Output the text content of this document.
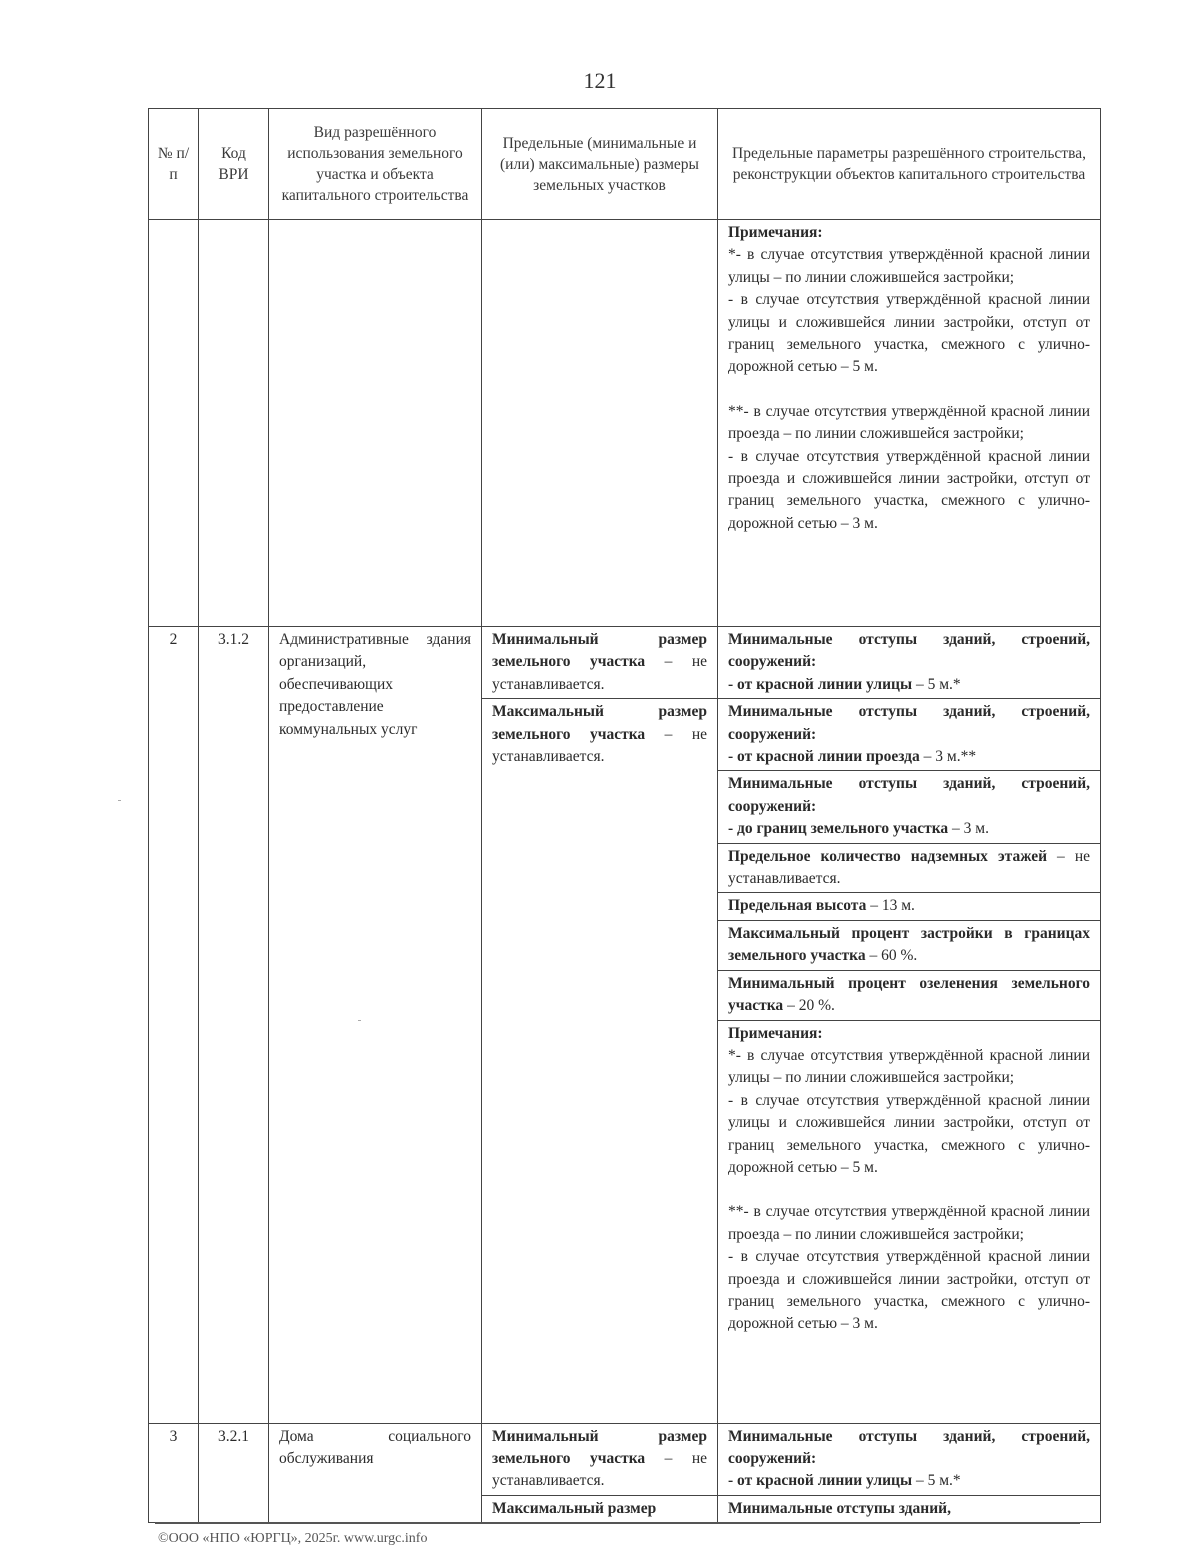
121
№ п/п	Код ВРИ	Вид разрешённого использования земельного участка и объекта капитального строительства	Предельные (минимальные и (или) максимальные) размеры земельных участков	Предельные параметры разрешённого строительства, реконструкции объектов капитального строительства

				Примечания:
*- в случае отсутствия утверждённой красной линии улицы – по линии сложившейся застройки;
- в случае отсутствия утверждённой красной линии улицы и сложившейся линии застройки, отступ от границ земельного участка, смежного с улично-дорожной сетью – 5 м.
**- в случае отсутствия утверждённой красной линии проезда – по линии сложившейся застройки;
- в случае отсутствия утверждённой красной линии проезда и сложившейся линии застройки, отступ от границ земельного участка, смежного с улично-дорожной сетью – 3 м.

2	3.1.2	Административные здания организаций, обеспечивающих предоставление коммунальных услуг	Минимальный размер земельного участка – не устанавливается.	Минимальные отступы зданий, строений, сооружений:
- от красной линии улицы – 5 м.*

			Максимальный размер земельного участка – не устанавливается.	Минимальные отступы зданий, строений, сооружений:
- от красной линии проезда – 3 м.**

				Минимальные отступы зданий, строений, сооружений:
- до границ земельного участка – 3 м.

				Предельное количество надземных этажей – не устанавливается.
				Предельная высота – 13 м.
				Максимальный процент застройки в границах земельного участка – 60 %.
				Минимальный процент озеленения земельного участка – 20 %.

				Примечания:
*- в случае отсутствия утверждённой красной линии улицы – по линии сложившейся застройки;
- в случае отсутствия утверждённой красной линии улицы и сложившейся линии застройки, отступ от границ земельного участка, смежного с улично-дорожной сетью – 5 м.
**- в случае отсутствия утверждённой красной линии проезда – по линии сложившейся застройки;
- в случае отсутствия утверждённой красной линии проезда и сложившейся линии застройки, отступ от границ земельного участка, смежного с улично-дорожной сетью – 3 м.

3	3.2.1	Дома социального обслуживания	Минимальный размер земельного участка – не устанавливается.	Минимальные отступы зданий, строений, сооружений:
- от красной линии улицы – 5 м.*

			Максимальный размер	Минимальные отступы зданий,
©ООО «НПО «ЮРГЦ», 2025г. www.urgc.info
